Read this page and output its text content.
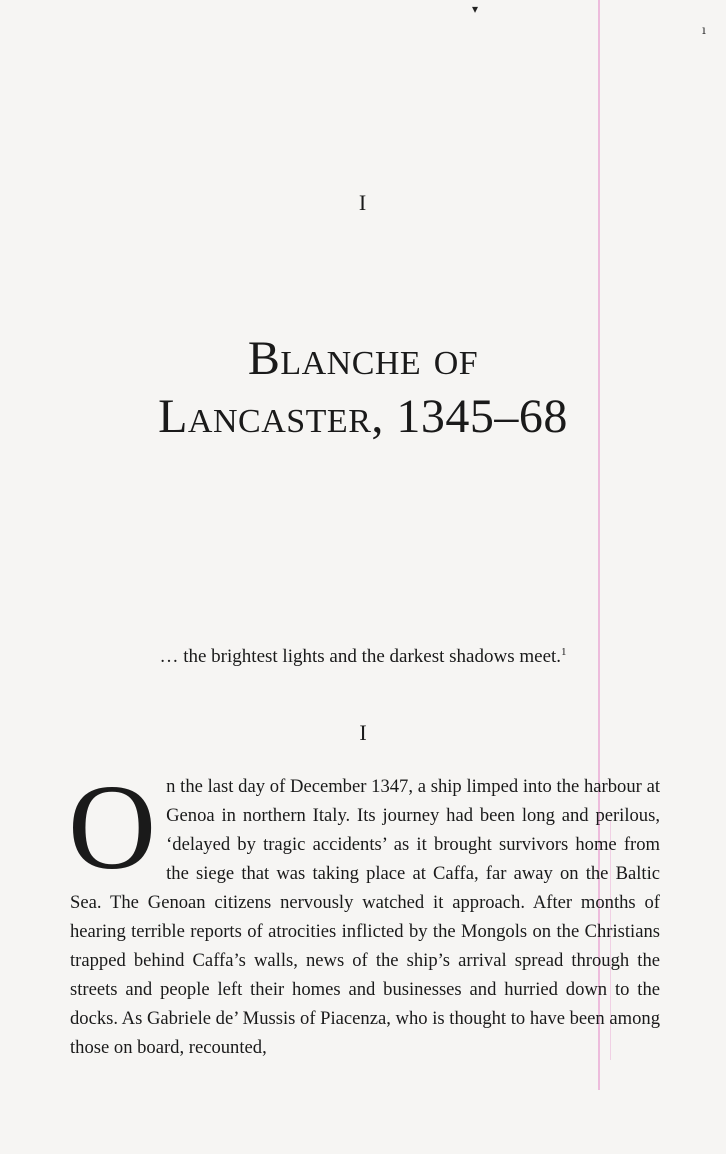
▾
ı
I
Blanche of
Lancaster, 1345–68
… the brightest lights and the darkest shadows meet.$^1$
I
O n the last day of December 1347, a ship limped into the harbour at Genoa in northern Italy. Its journey had been long and perilous, ‘delayed by tragic accidents’ as it brought survivors home from the siege that was taking place at Caffa, far away on the Baltic Sea. The Genoan citizens nervously watched it approach. After months of hearing terrible reports of atrocities inflicted by the Mongols on the Christians trapped behind Caffa’s walls, news of the ship’s arrival spread through the streets and people left their homes and businesses and hurried down to the docks. As Gabriele de’ Mussis of Piacenza, who is thought to have been among those on board, recounted,
